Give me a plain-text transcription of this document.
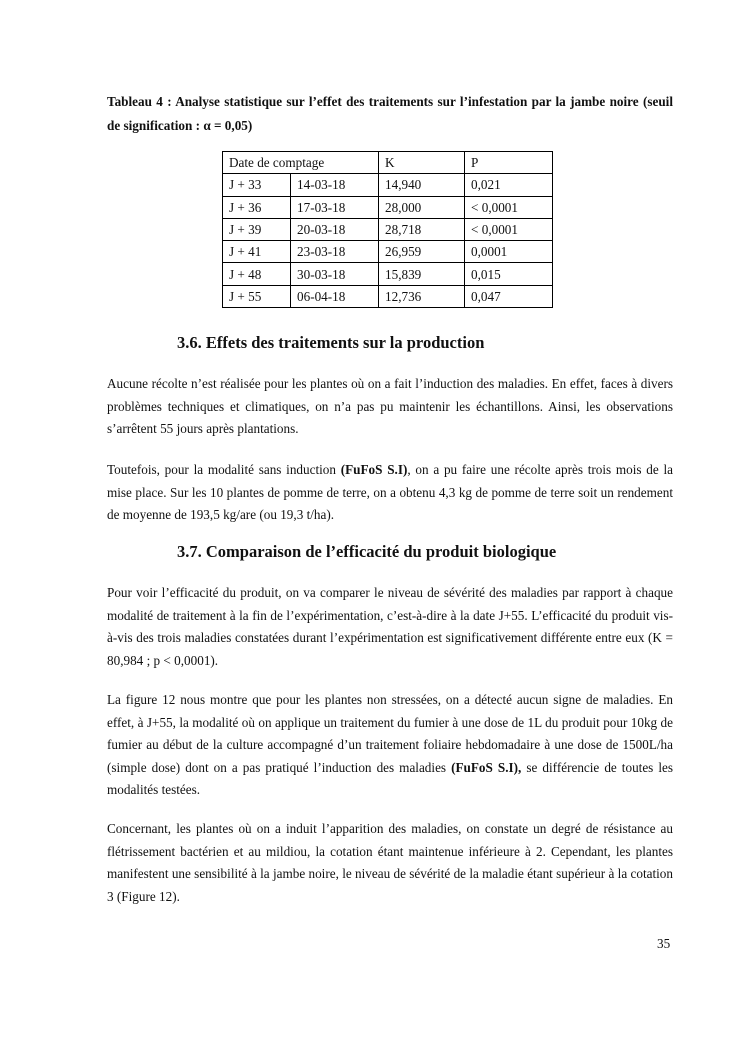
Tableau 4 : Analyse statistique sur l’effet des traitements sur l’infestation par la jambe noire (seuil de signification : α = 0,05)
Date de comptage		K	P
J + 33	14-03-18	14,940	0,021
J + 36	17-03-18	28,000	< 0,0001
J + 39	20-03-18	28,718	< 0,0001
J + 41	23-03-18	26,959	0,0001
J + 48	30-03-18	15,839	0,015
J + 55	06-04-18	12,736	0,047
3.6. Effets des traitements sur la production

Aucune récolte n’est réalisée pour les plantes où on a fait l’induction des maladies. En effet, faces à divers problèmes techniques et climatiques, on n’a pas pu maintenir les échantillons. Ainsi, les observations s’arrêtent 55 jours après plantations.

Toutefois, pour la modalité sans induction (FuFoS S.I), on a pu faire une récolte après trois mois de la mise place. Sur les 10 plantes de pomme de terre, on a obtenu 4,3 kg de pomme de terre soit un rendement de moyenne de 193,5 kg/are (ou 19,3 t/ha).

3.7. Comparaison de l’efficacité du produit biologique

Pour voir l’efficacité du produit, on va comparer le niveau de sévérité des maladies par rapport à chaque modalité de traitement à la fin de l’expérimentation, c’est-à-dire à la date J+55. L’efficacité du produit vis-à-vis des trois maladies constatées durant l’expérimentation est significativement différente entre eux (K = 80,984 ; p < 0,0001).

La figure 12 nous montre que pour les plantes non stressées, on a détecté aucun signe de maladies. En effet, à J+55, la modalité où on applique un traitement du fumier à une dose de 1L du produit pour 10kg de fumier au début de la culture accompagné d’un traitement foliaire hebdomadaire à une dose de 1500L/ha (simple dose) dont on a pas pratiqué l’induction des maladies (FuFoS S.I), se différencie de toutes les modalités testées.

Concernant, les plantes où on a induit l’apparition des maladies, on constate un degré de résistance au flétrissement bactérien et au mildiou, la cotation étant maintenue inférieure à 2. Cependant, les plantes manifestent une sensibilité à la jambe noire, le niveau de sévérité de la maladie étant supérieur à la cotation 3 (Figure 12).

35
